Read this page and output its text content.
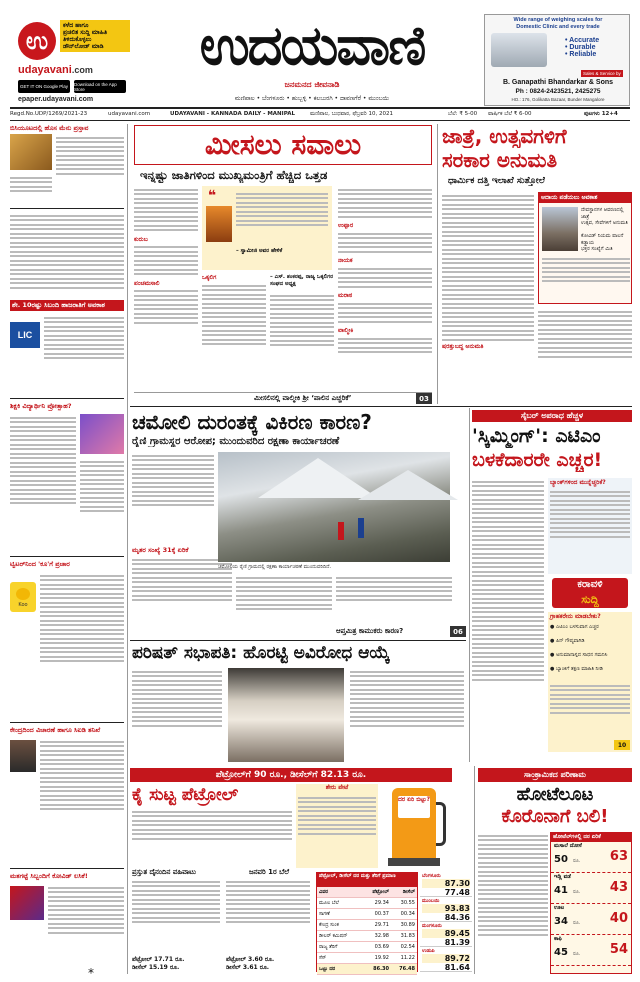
ಉ
ಕಳೆದ ಹಾಗೂ
ಪ್ರಚಲಿತ ಸುದ್ದಿ ಮಾಹಿತಿ
ತಿಳಿದುಕೊಳ್ಳಲು
ಡೌನ್‌ಲೋಡ್ ಮಾಡಿ
udayavani.com
GET IT ON Google Play	Download on the App Store
epaper.udayavani.com
ಉದಯವಾಣಿ
ಜನಮನದ ಜೀವನಾಡಿ
Wide range of weighing scales for
Domestic Clinic and every trade
• Accurate
• Durable
• Reliable
Sales & Service by
B. Ganapathi Bhandarkar & Sons
Ph : 0824-2423521, 2425275
HO.: 176, Golikatta Bazaar, Bunder Mangalore
ಮಣಿಪಾಲ • ಬೆಂಗಳೂರು • ಹುಬ್ಬಳ್ಳಿ • ಕಲಬುರಗಿ • ದಾವಣಗೆರೆ • ಮುಂಬಯಿ
Regd.No.UDP/1269/2021-23	udayavani.com	UDAYAVANI - KANNADA DAILY - MANIPAL	ಮಣಿಪಾಲ, ಬುಧವಾರ, ಫೆಬ್ರವರಿ 10, 2021	ಬೆಲೆ: ₹ 5-00 ವಾರ್ಷಿಕ ಬೆಲೆ ₹ 6-00	ಪುಟಗಳು 12+4
ಬಿಸಿಯೂಟದಲ್ಲಿ ಹೊಸ ಮೆನು ಪ್ರಸ್ತಾವ
ಶೇ. 10ರಷ್ಟು ಸಿಬಂದಿ ಹಾಜರಾತಿಗೆ ಅವಕಾಶ
LIC
ಶಿಕ್ಷಕಿ ವಿದ್ಯಾರ್ಥಿನಿ ಪ್ರೋತ್ಸಾಹ?
ಟ್ವಿಟರ್‌ನಿಂದ 'ಕೂ'ಗೆ ಪ್ರಚಾರ
Koo
ಕೇಂದ್ರದಿಂದ ವಿಚಾರಣೆ ಹಾಗೂ ಸಿಐಡಿ ತನಿಖೆ
ಮತಗಟ್ಟೆ ಸಿಬ್ಬಂದಿಗೆ ಕೋವಿಡ್ ಲಸಿಕೆ!
ಮೀಸಲು ಸವಾಲು
ಇನ್ನಷ್ಟು ಜಾತಿಗಳಿಂದ ಮುಖ್ಯಮಂತ್ರಿಗೆ ಹೆಚ್ಚಿದ ಒತ್ತಡ
ಕುರುಬ
ಪಂಚಮಸಾಲಿ
❝
– ಸ್ವಾಮೀಜಿ ಅವರ ಹೇಳಿಕೆ
ಒಕ್ಕಲಿಗ	– ಎಸ್. ಶಂಕರಪ್ಪ, ರಾಜ್ಯ ಒಕ್ಕಲಿಗರ ಸಂಘದ ಅಧ್ಯಕ್ಷ
ಉಪ್ಪಾರ
ನಾಯಕ
ಮರಾಠ
ವಾಲ್ಮೀಕಿ
ಮೀಸಲಿನಲ್ಲಿ ವಾಲ್ಮೀಕಿ ಶ್ರೀ ‘ಪಾಲಿನ ಎಚ್ಚರಿಕೆ’	03
ಜಾತ್ರೆ, ಉತ್ಸವಗಳಿಗೆ
ಸರಕಾರ ಅನುಮತಿ
ಧಾರ್ಮಿಕ ದತ್ತಿ ಇಲಾಖೆ ಸುತ್ತೋಲೆ
ಷರತ್ತುಬದ್ಧ ಅನುಮತಿ
ಆದಾಯ ಪಡೆಯಲು ಅವಕಾಶ
ದೇವಸ್ಥಾನಗಳ ಆವರಣದಲ್ಲಿ ಜಾತ್ರೆ
ಉತ್ಸವ, ಸೇವೆಗಳಿಗೆ ಅನುಮತಿ
ಕೋವಿಡ್ ನಿಯಮ ಪಾಲನೆ ಕಡ್ಡಾಯ
ಭಕ್ತರ ಸಂಖ್ಯೆಗೆ ಮಿತಿ
ಚಮೋಲಿ ದುರಂತಕ್ಕೆ ವಿಕಿರಣ ಕಾರಣ?
ರೈಣಿ ಗ್ರಾಮಸ್ಥರ ಆರೋಪ; ಮುಂದುವರಿದ ರಕ್ಷಣಾ ಕಾರ್ಯಾಚರಣೆ
ಮೃತರ ಸಂಖ್ಯೆ 31ಕ್ಕೆ ಏರಿಕೆ
ಚಮೋಲಿಯ ರೈಣಿ ಗ್ರಾಮದಲ್ಲಿ ರಕ್ಷಣಾ ಕಾರ್ಯಾಚರಣೆ ಮುಂದುವರಿದಿದೆ.
ಆಪ್ತಮಿತ್ರ ಕಾಮುಕರು ಕಾರಣ?	06
ಸೈಬರ್ ಅಪರಾಧ ಹೆಚ್ಚಳ
'ಸ್ಕಿಮ್ಮಿಂಗ್': ಎಟಿಎಂ
ಬಳಕೆದಾರರೇ ಎಚ್ಚರ!
ಬ್ಯಾಂಕ್‌ಗಳಿಂದ ಮುನ್ನೆಚ್ಚರಿಕೆ?
ಕರಾವಳಿ
ಸುದ್ದಿ
ಗ್ರಾಹಕರೇನು ಮಾಡಬೇಕು?
● ಎಟಿಎಂ ಬಳಸುವಾಗ ಎಚ್ಚರ
● ಪಿನ್ ಗೌಪ್ಯವಾಗಿಡಿ
● ಅನುಮಾನಾಸ್ಪದ ಸಾಧನ ಗಮನಿಸಿ
● ಬ್ಯಾಂಕಿಗೆ ತಕ್ಷಣ ಮಾಹಿತಿ ನೀಡಿ
10
ಪರಿಷತ್ ಸಭಾಪತಿ: ಹೊರಟ್ಟಿ ಅವಿರೋಧ ಆಯ್ಕೆ
ಪೆಟ್ರೋಲ್‌ಗೆ 90 ರೂ., ಡೀಸೆಲ್‌ಗೆ 82.13 ರೂ.
ಕೈ ಸುಟ್ಟ ಪೆಟ್ರೋಲ್	ಶೇರು ಪೇಟೆ
ದರ ಏರಿ ಬಿಟ್ಟು?
ಪ್ರಸ್ತುತ ದೈನಂದಿನ ವಹಿವಾಟು
ಪೆಟ್ರೋಲ್ 17.71 ರೂ.
ಡೀಸೆಲ್ 15.19 ರೂ.
ಜನವರಿ 1ರ ಬೆಲೆ
ಪೆಟ್ರೋಲ್ 3.60 ರೂ.
ಡೀಸೆಲ್ 3.61 ರೂ.
ಪೆಟ್ರೋಲ್, ಡೀಸೆಲ್ ದರ ಮತ್ತು ತೆರಿಗೆ ಪ್ರಮಾಣ
ವಿವರ	ಪೆಟ್ರೋಲ್	ಡೀಸೆಲ್
ಮೂಲ ಬೆಲೆ	29.34	30.55
ಸಾಗಣೆ	00.37	00.34
ಕೇಂದ್ರ ಸುಂಕ	29.71	30.89
ಡೀಲರ್ ಕಮಿಷನ್	32.98	31.83
ರಾಜ್ಯ ತೆರಿಗೆ	03.69	02.54
ಸೆಸ್	19.92	11.22
ಒಟ್ಟು ದರ	86.30	76.48
ಬೆಂಗಳೂರು
87.30
77.48
ಮುಂಬಯಿ
93.83
84.36
ಮಂಗಳೂರು
89.45
81.39
ಉಡುಪಿ
89.72
81.64
ಸಾಂಕ್ರಾಮಿಕದ ಪರಿಣಾಮ
ಹೋಟೆಲೂಟ
ಕೊರೊನಾಗೆ ಬಲಿ!
ಹೋಟೆಲ್‌ಗಳಲ್ಲಿ ದರ ಏರಿಕೆ
ಮಸಾಲೆ ದೋಸೆ
50 ರೂ. 63
ಇಡ್ಲಿ ವಡೆ
41 ರೂ. 43
ಊಟ
34 ರೂ. 40
ಕಾಫಿ
45 ರೂ. 54
*
